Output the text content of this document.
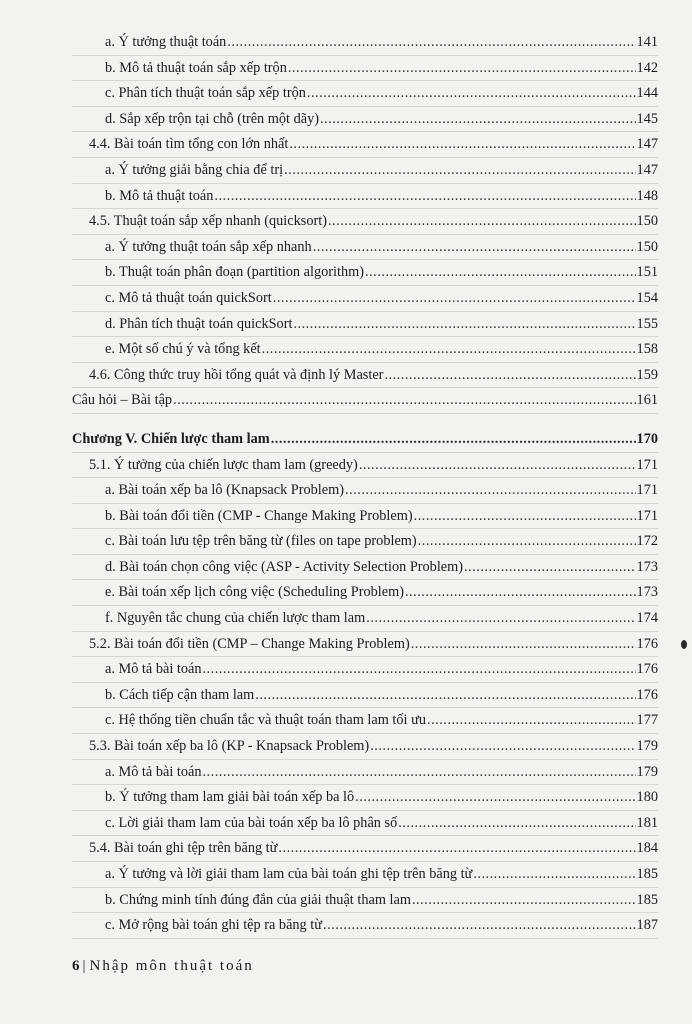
a. Ý tưởng thuật toán .....	141
b. Mô tả thuật toán sắp xếp trộn .....	142
c. Phân tích thuật toán sắp xếp trộn .....	144
d. Sắp xếp trộn tại chỗ (trên một dãy) .....	145
4.4. Bài toán tìm tổng con lớn nhất .....	147
a. Ý tưởng giải bằng chia để trị .....	147
b. Mô tả thuật toán .....	148
4.5. Thuật toán sắp xếp nhanh (quicksort) .....	150
a. Ý tưởng thuật toán sắp xếp nhanh .....	150
b. Thuật toán phân đoạn (partition algorithm) .....	151
c. Mô tả thuật toán quickSort .....	154
d. Phân tích thuật toán quickSort .....	155
e. Một số chú ý và tổng kết .....	158
4.6. Công thức truy hồi tổng quát và định lý Master .....	159
Câu hỏi – Bài tập .....	161
Chương V. Chiến lược tham lam .....	170
5.1. Ý tưởng của chiến lược tham lam (greedy) .....	171
a. Bài toán xếp ba lô (Knapsack Problem) .....	171
b. Bài toán đổi tiền (CMP - Change Making Problem) .....	171
c. Bài toán lưu tệp trên băng từ (files on tape problem) .....	172
d. Bài toán chọn công việc (ASP - Activity Selection Problem) .....	173
e. Bài toán xếp lịch công việc (Scheduling Problem) .....	173
f. Nguyên tắc chung của chiến lược tham lam .....	174
5.2. Bài toán đổi tiền (CMP – Change Making Problem) .....	176
a. Mô tả bài toán .....	176
b. Cách tiếp cận tham lam .....	176
c. Hệ thống tiền chuẩn tắc và thuật toán tham lam tối ưu .....	177
5.3. Bài toán xếp ba lô (KP - Knapsack Problem) .....	179
a. Mô tả bài toán .....	179
b. Ý tưởng tham lam giải bài toán xếp ba lô .....	180
c. Lời giải tham lam của bài toán xếp ba lô phân số .....	181
5.4. Bài toán ghi tệp trên băng từ .....	184
a. Ý tưởng và lời giải tham lam của bài toán ghi tệp trên băng từ .....	185
b. Chứng minh tính đúng đắn của giải thuật tham lam .....	185
c. Mở rộng bài toán ghi tệp ra băng từ .....	187
6 | Nhập môn thuật toán
